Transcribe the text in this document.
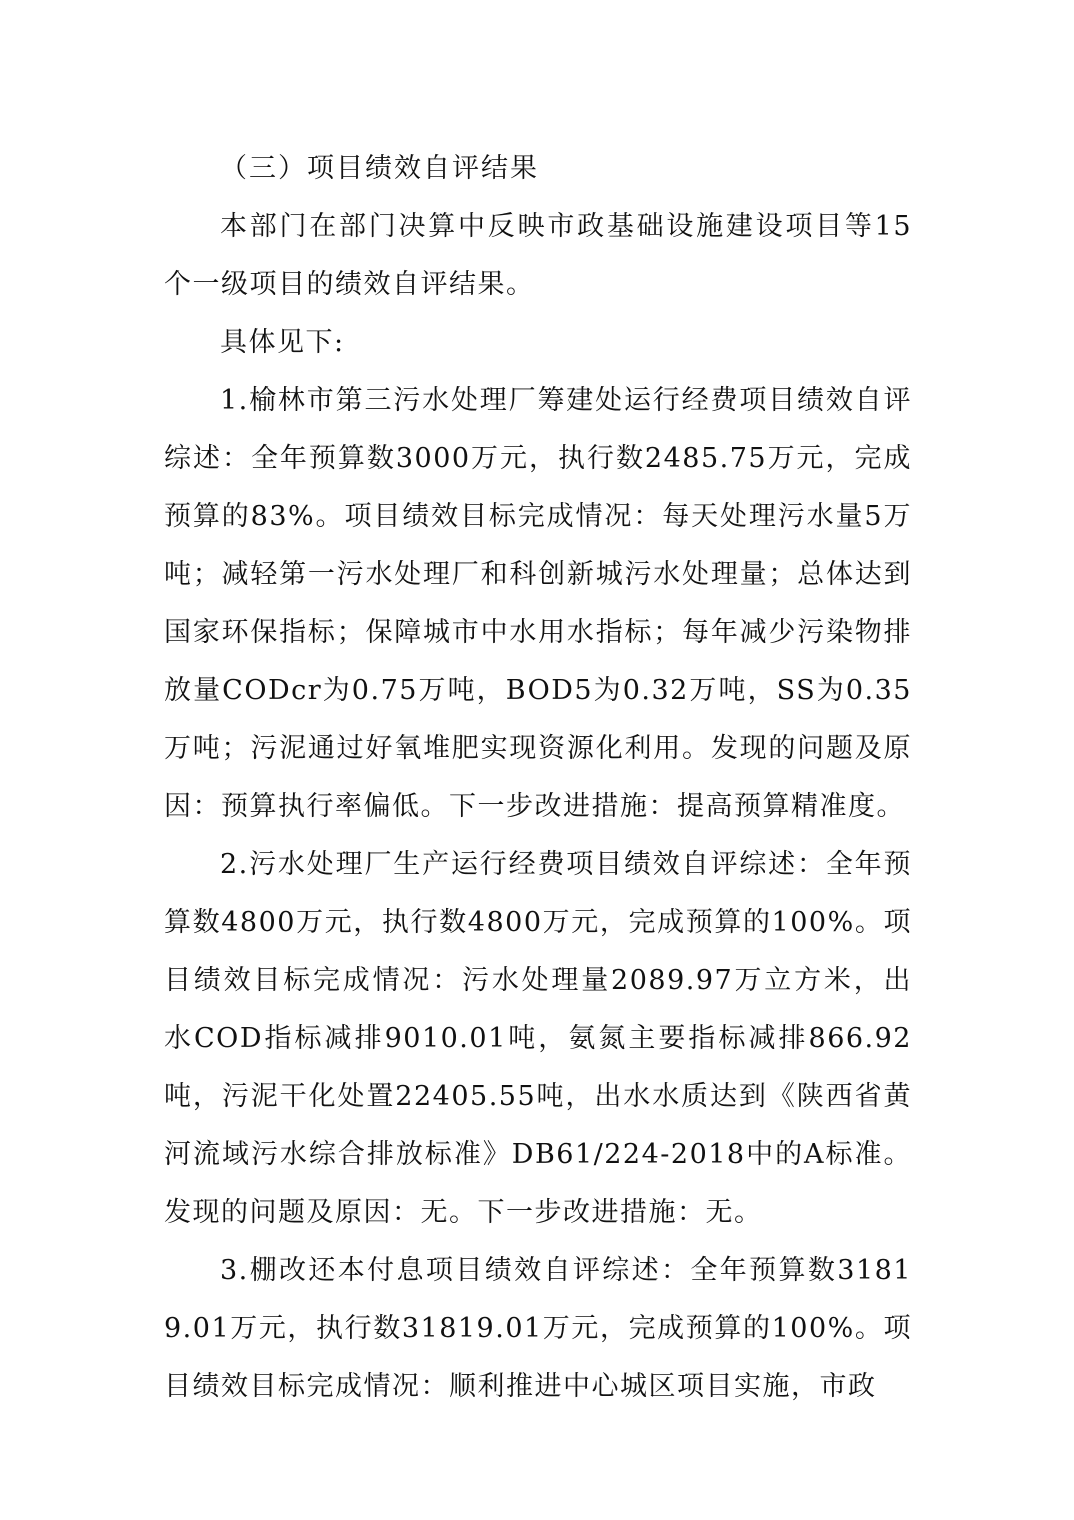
（三）项目绩效自评结果

本部门在部门决算中反映市政基础设施建设项目等15个一级项目的绩效自评结果。

具体见下:

1.榆林市第三污水处理厂筹建处运行经费项目绩效自评综述：全年预算数3000万元，执行数2485.75万元，完成预算的83%。项目绩效目标完成情况：每天处理污水量5万吨；减轻第一污水处理厂和科创新城污水处理量；总体达到国家环保指标；保障城市中水用水指标；每年减少污染物排放量CODcr为0.75万吨，BOD5为0.32万吨，SS为0.35万吨；污泥通过好氧堆肥实现资源化利用。发现的问题及原因：预算执行率偏低。下一步改进措施：提高预算精准度。

2.污水处理厂生产运行经费项目绩效自评综述：全年预算数4800万元，执行数4800万元，完成预算的100%。项目绩效目标完成情况：污水处理量2089.97万立方米，出水COD指标减排9010.01吨，氨氮主要指标减排866.92吨，污泥干化处置22405.55吨，出水水质达到《陕西省黄河流域污水综合排放标准》DB61/224-2018中的A标准。发现的问题及原因：无。下一步改进措施：无。

3.棚改还本付息项目绩效自评综述：全年预算数31819.01万元，执行数31819.01万元，完成预算的100%。项目绩效目标完成情况：顺利推进中心城区项目实施，市政
